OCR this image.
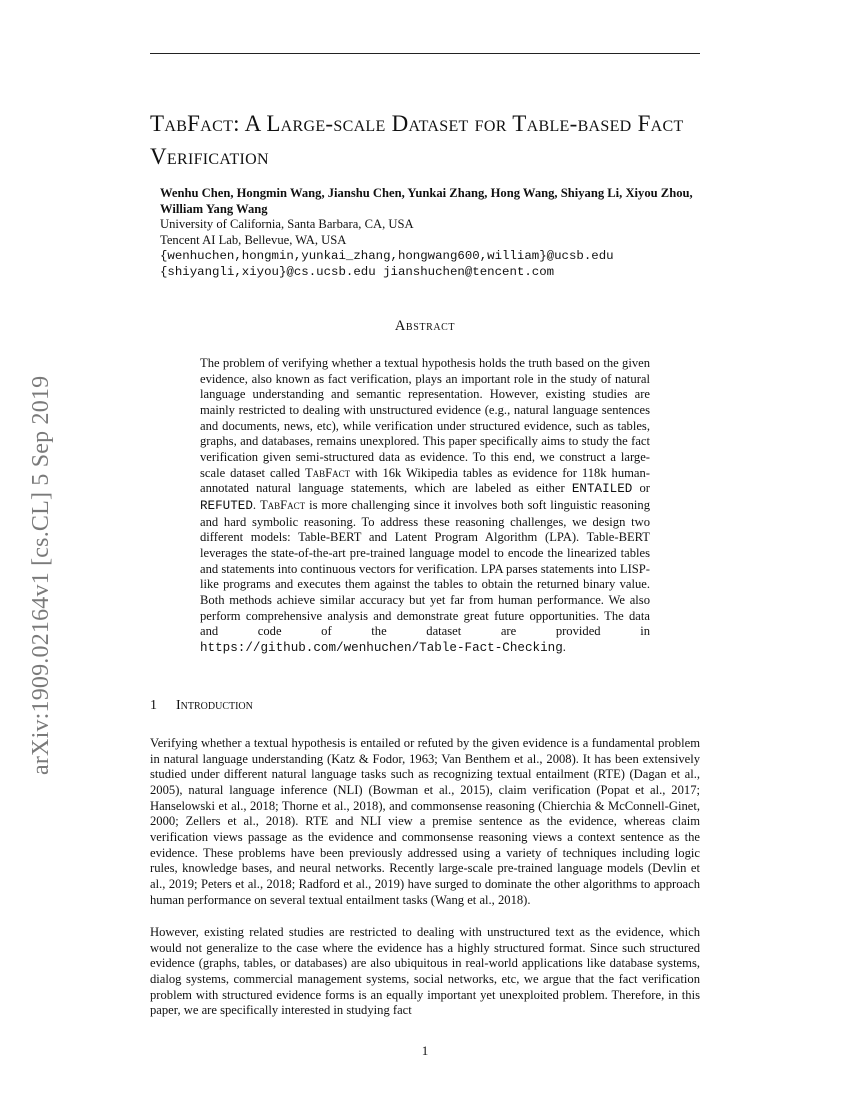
TabFact: A Large-scale Dataset for Table-based Fact Verification
Wenhu Chen, Hongmin Wang, Jianshu Chen, Yunkai Zhang, Hong Wang, Shiyang Li, Xiyou Zhou, William Yang Wang
University of California, Santa Barbara, CA, USA
Tencent AI Lab, Bellevue, WA, USA
{wenhuchen,hongmin,yunkai_zhang,hongwang600,william}@ucsb.edu
{shiyangli,xiyou}@cs.ucsb.edu jianshuchen@tencent.com
arXiv:1909.02164v1 [cs.CL] 5 Sep 2019
Abstract
The problem of verifying whether a textual hypothesis holds the truth based on the given evidence, also known as fact verification, plays an important role in the study of natural language understanding and semantic representation. However, existing studies are mainly restricted to dealing with unstructured evidence (e.g., natural language sentences and documents, news, etc), while verification under structured evidence, such as tables, graphs, and databases, remains unexplored. This paper specifically aims to study the fact verification given semi-structured data as evidence. To this end, we construct a large-scale dataset called TabFact with 16k Wikipedia tables as evidence for 118k human-annotated natural language statements, which are labeled as either ENTAILED or REFUTED. TabFact is more challenging since it involves both soft linguistic reasoning and hard symbolic reasoning. To address these reasoning challenges, we design two different models: Table-BERT and Latent Program Algorithm (LPA). Table-BERT leverages the state-of-the-art pre-trained language model to encode the linearized tables and statements into continuous vectors for verification. LPA parses statements into LISP-like programs and executes them against the tables to obtain the returned binary value. Both methods achieve similar accuracy but yet far from human performance. We also perform comprehensive analysis and demonstrate great future opportunities. The data and code of the dataset are provided in https://github.com/wenhuchen/Table-Fact-Checking.
1 Introduction
Verifying whether a textual hypothesis is entailed or refuted by the given evidence is a fundamental problem in natural language understanding (Katz & Fodor, 1963; Van Benthem et al., 2008). It has been extensively studied under different natural language tasks such as recognizing textual entailment (RTE) (Dagan et al., 2005), natural language inference (NLI) (Bowman et al., 2015), claim verification (Popat et al., 2017; Hanselowski et al., 2018; Thorne et al., 2018), and commonsense reasoning (Chierchia & McConnell-Ginet, 2000; Zellers et al., 2018). RTE and NLI view a premise sentence as the evidence, whereas claim verification views passage as the evidence and commonsense reasoning views a context sentence as the evidence. These problems have been previously addressed using a variety of techniques including logic rules, knowledge bases, and neural networks. Recently large-scale pre-trained language models (Devlin et al., 2019; Peters et al., 2018; Radford et al., 2019) have surged to dominate the other algorithms to approach human performance on several textual entailment tasks (Wang et al., 2018).
However, existing related studies are restricted to dealing with unstructured text as the evidence, which would not generalize to the case where the evidence has a highly structured format. Since such structured evidence (graphs, tables, or databases) are also ubiquitous in real-world applications like database systems, dialog systems, commercial management systems, social networks, etc, we argue that the fact verification problem with structured evidence forms is an equally important yet unexploited problem. Therefore, in this paper, we are specifically interested in studying fact
1
